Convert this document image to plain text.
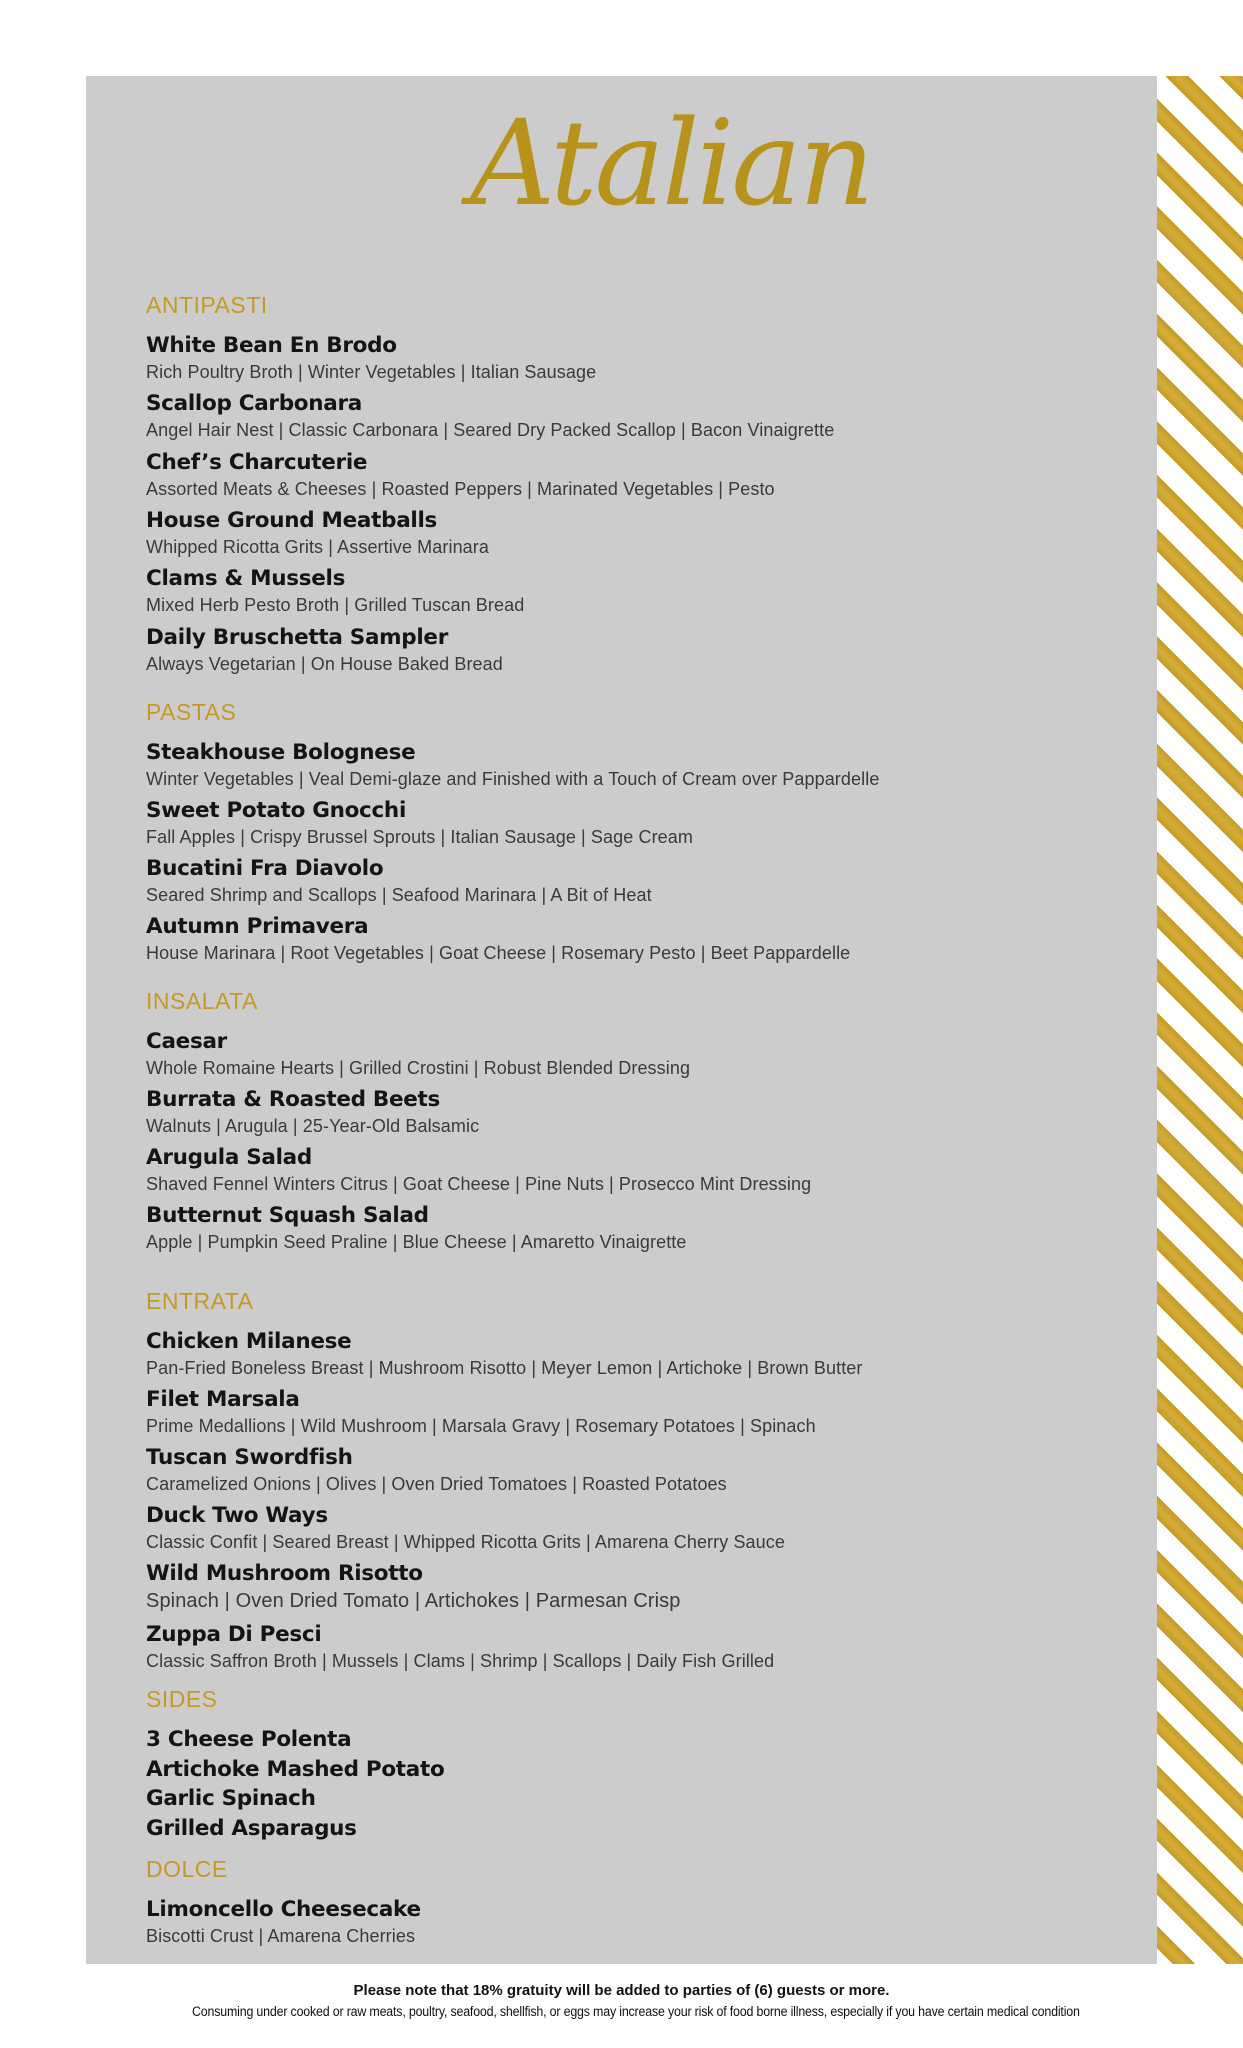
Atalian
ANTIPASTI
White Bean En Brodo
Rich Poultry Broth | Winter Vegetables | Italian Sausage
Scallop Carbonara
Angel Hair Nest | Classic Carbonara | Seared Dry Packed Scallop | Bacon Vinaigrette
Chef’s Charcuterie
Assorted Meats & Cheeses | Roasted Peppers | Marinated Vegetables | Pesto
House Ground Meatballs
Whipped Ricotta Grits | Assertive Marinara
Clams & Mussels
Mixed Herb Pesto Broth | Grilled Tuscan Bread
Daily Bruschetta Sampler
Always Vegetarian | On House Baked Bread
PASTAS
Steakhouse Bolognese
Winter Vegetables | Veal Demi-glaze and Finished with a Touch of Cream over Pappardelle
Sweet Potato Gnocchi
Fall Apples | Crispy Brussel Sprouts | Italian Sausage | Sage Cream
Bucatini Fra Diavolo
Seared Shrimp and Scallops | Seafood Marinara | A Bit of Heat
Autumn Primavera
House Marinara | Root Vegetables | Goat Cheese | Rosemary Pesto | Beet Pappardelle
INSALATA
Caesar
Whole Romaine Hearts | Grilled Crostini | Robust Blended Dressing
Burrata & Roasted Beets
Walnuts | Arugula | 25-Year-Old Balsamic
Arugula Salad
Shaved Fennel Winters Citrus | Goat Cheese | Pine Nuts | Prosecco Mint Dressing
Butternut Squash Salad
Apple | Pumpkin Seed Praline | Blue Cheese | Amaretto Vinaigrette
ENTRATA
Chicken Milanese
Pan-Fried Boneless Breast | Mushroom Risotto | Meyer Lemon | Artichoke | Brown Butter
Filet Marsala
Prime Medallions | Wild Mushroom | Marsala Gravy | Rosemary Potatoes | Spinach
Tuscan Swordfish
Caramelized Onions | Olives | Oven Dried Tomatoes | Roasted Potatoes
Duck Two Ways
Classic Confit | Seared Breast | Whipped Ricotta Grits | Amarena Cherry Sauce
Wild Mushroom Risotto
Spinach | Oven Dried Tomato | Artichokes | Parmesan Crisp
Zuppa Di Pesci
Classic Saffron Broth | Mussels | Clams | Shrimp | Scallops | Daily Fish Grilled
SIDES
3 Cheese Polenta
Artichoke Mashed Potato
Garlic Spinach
Grilled Asparagus
DOLCE
Limoncello Cheesecake
Biscotti Crust | Amarena Cherries
Please note that 18% gratuity will be added to parties of (6) guests or more.
Consuming under cooked or raw meats, poultry, seafood, shellfish, or eggs may increase your risk of food borne illness, especially if you have certain medical condition
